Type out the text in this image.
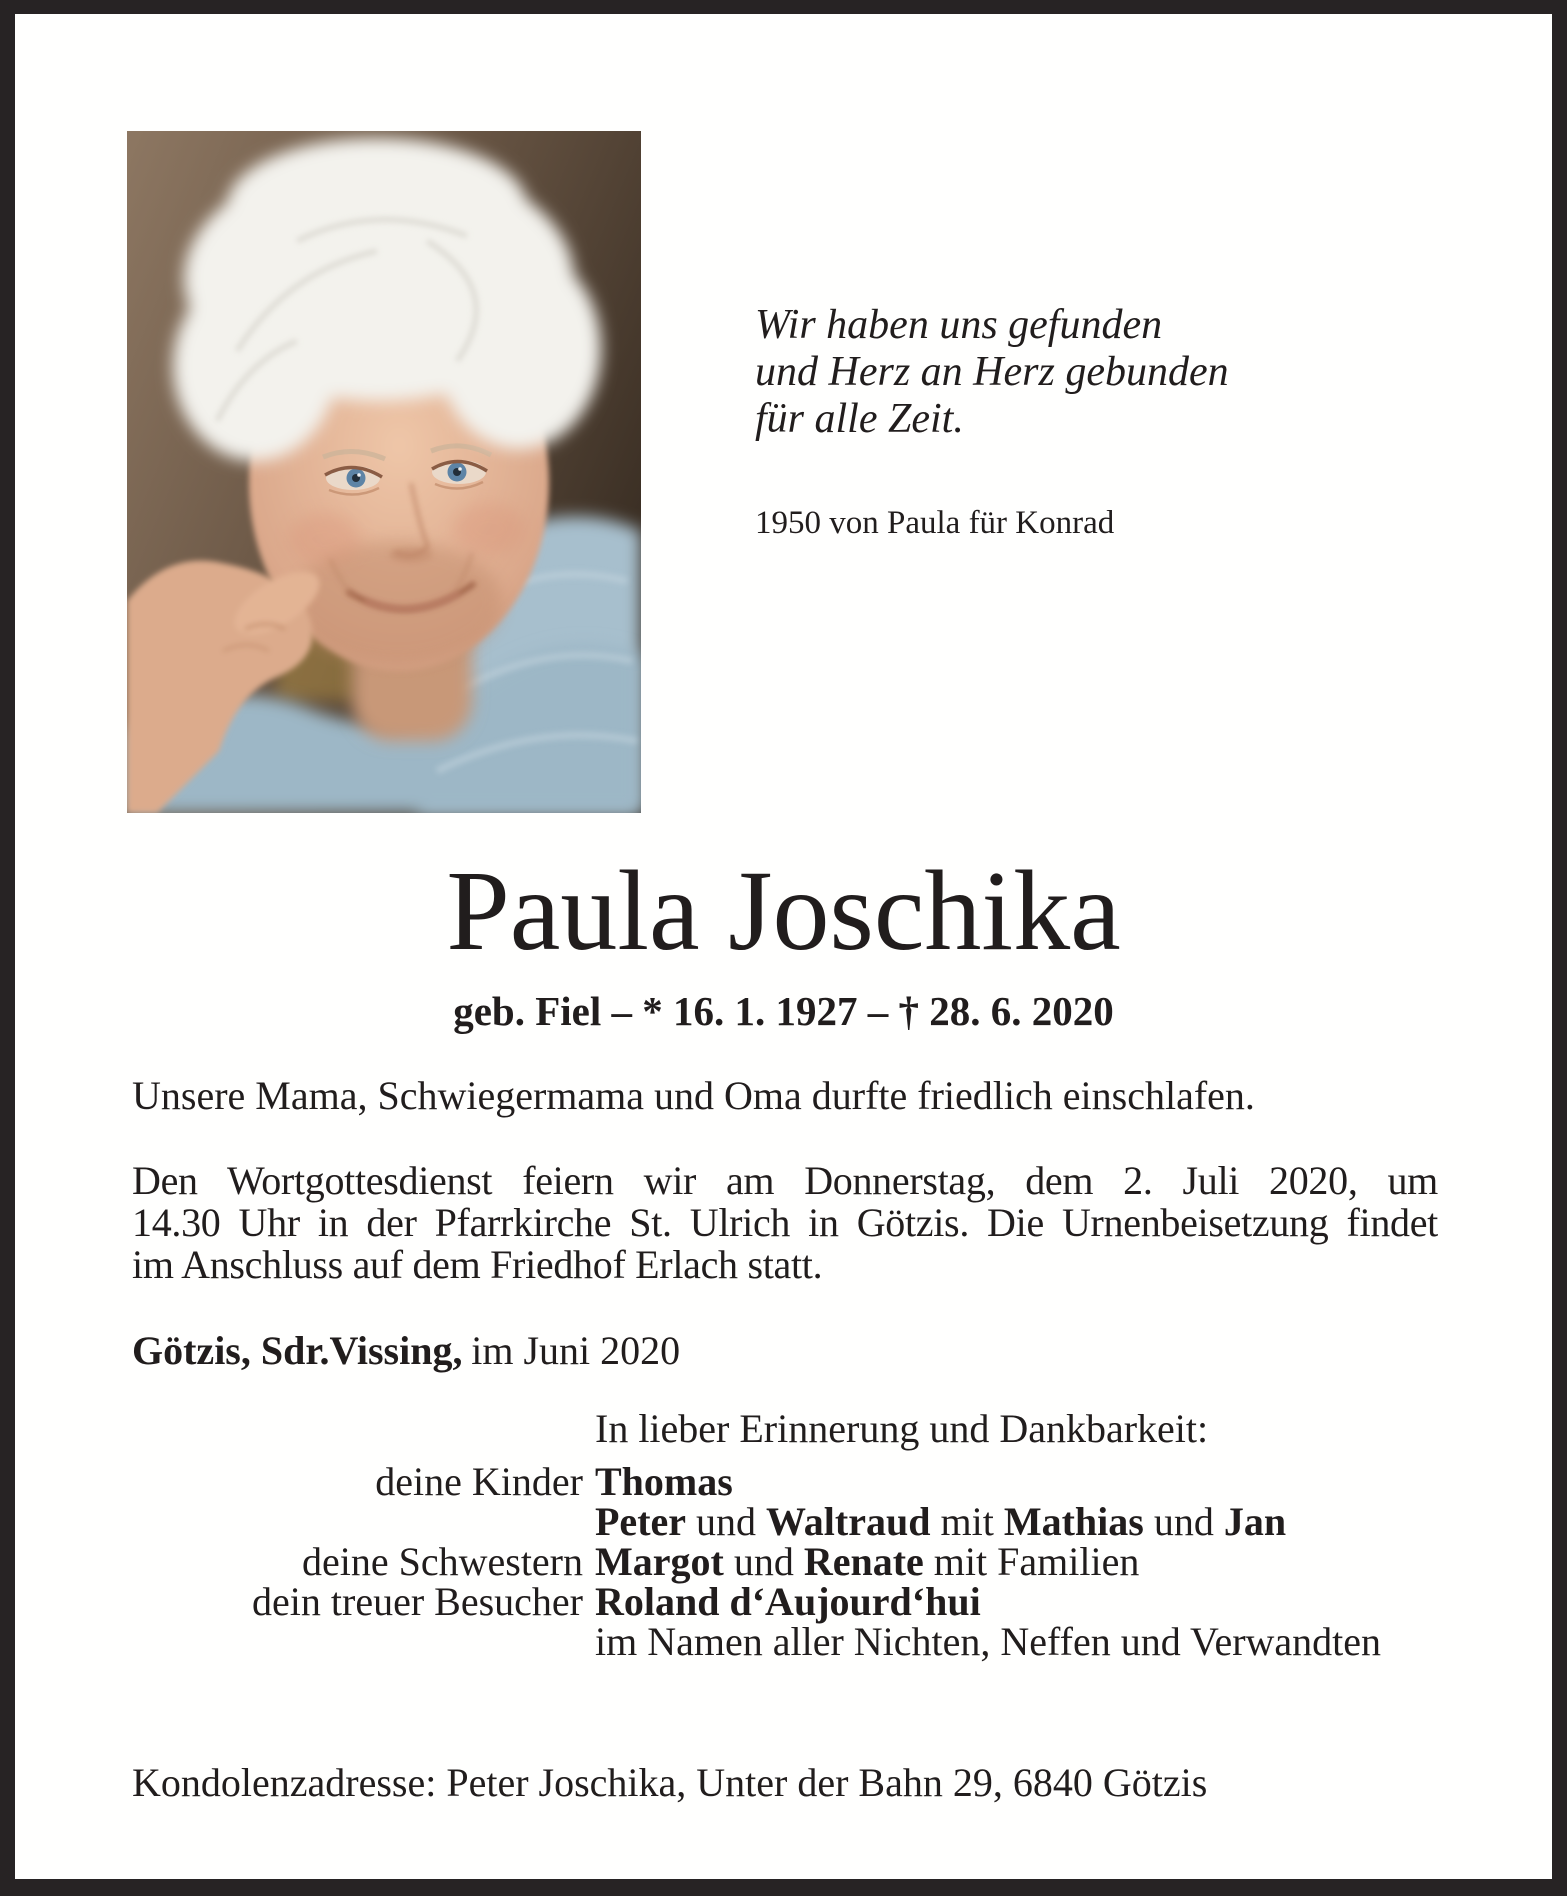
Wir haben uns gefunden
und Herz an Herz gebunden
für alle Zeit.
1950 von Paula für Konrad
Paula Joschika
geb. Fiel – * 16. 1. 1927 – † 28. 6. 2020
Unsere Mama, Schwiegermama und Oma durfte friedlich einschlafen.
Den Wortgottesdienst feiern wir am Donnerstag, dem 2. Juli 2020, um
14.30 Uhr in der Pfarrkirche St. Ulrich in Götzis. Die Urnenbeisetzung findet
im Anschluss auf dem Friedhof Erlach statt.
Götzis, Sdr.Vissing, im Juni 2020
In lieber Erinnerung und Dankbarkeit:
deine Kinder Thomas
Peter und Waltraud mit Mathias und Jan
deine Schwestern Margot und Renate mit Familien
dein treuer Besucher Roland d‘Aujourd‘hui
im Namen aller Nichten, Neffen und Verwandten
Kondolenzadresse: Peter Joschika, Unter der Bahn 29, 6840 Götzis
